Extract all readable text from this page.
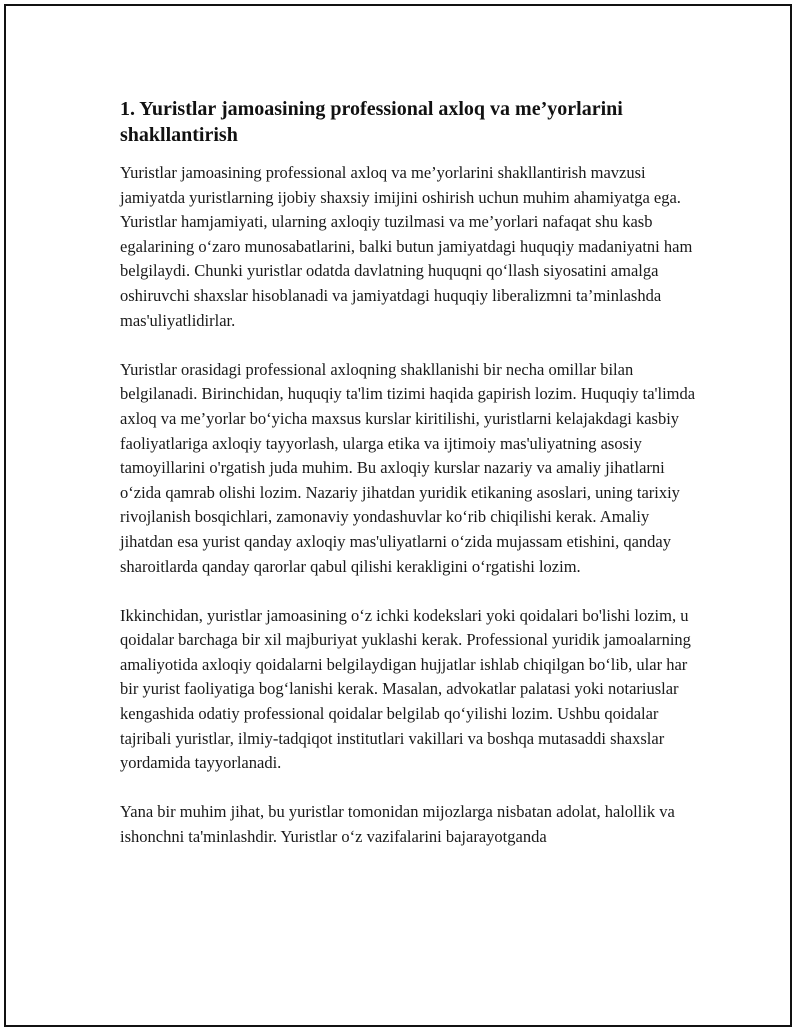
1. Yuristlar jamoasining professional axloq va me’yorlarini shakllantirish

Yuristlar jamoasining professional axloq va me’yorlarini shakllantirish mavzusi jamiyatda yuristlarning ijobiy shaxsiy imijini oshirish uchun muhim ahamiyatga ega. Yuristlar hamjamiyati, ularning axloqiy tuzilmasi va me’yorlari nafaqat shu kasb egalarining o‘zaro munosabatlarini, balki butun jamiyatdagi huquqiy madaniyatni ham belgilaydi. Chunki yuristlar odatda davlatning huquqni qo‘llash siyosatini amalga oshiruvchi shaxslar hisoblanadi va jamiyatdagi huquqiy liberalizmni ta’minlashda mas'uliyatlidirlar.

Yuristlar orasidagi professional axloqning shakllanishi bir necha omillar bilan belgilanadi. Birinchidan, huquqiy ta'lim tizimi haqida gapirish lozim. Huquqiy ta'limda axloq va me’yorlar bo‘yicha maxsus kurslar kiritilishi, yuristlarni kelajakdagi kasbiy faoliyatlariga axloqiy tayyorlash, ularga etika va ijtimoiy mas'uliyatning asosiy tamoyillarini o'rgatish juda muhim. Bu axloqiy kurslar nazariy va amaliy jihatlarni o‘zida qamrab olishi lozim. Nazariy jihatdan yuridik etikaning asoslari, uning tarixiy rivojlanish bosqichlari, zamonaviy yondashuvlar ko‘rib chiqilishi kerak. Amaliy jihatdan esa yurist qanday axloqiy mas'uliyatlarni o‘zida mujassam etishini, qanday sharoitlarda qanday qarorlar qabul qilishi kerakligini o‘rgatishi lozim.

Ikkinchidan, yuristlar jamoasining o‘z ichki kodekslari yoki qoidalari bo'lishi lozim, u qoidalar barchaga bir xil majburiyat yuklashi kerak. Professional yuridik jamoalarning amaliyotida axloqiy qoidalarni belgilaydigan hujjatlar ishlab chiqilgan bo‘lib, ular har bir yurist faoliyatiga bog‘lanishi kerak. Masalan, advokatlar palatasi yoki notariuslar kengashida odatiy professional qoidalar belgilab qo‘yilishi lozim. Ushbu qoidalar tajribali yuristlar, ilmiy-tadqiqot institutlari vakillari va boshqa mutasaddi shaxslar yordamida tayyorlanadi.

Yana bir muhim jihat, bu yuristlar tomonidan mijozlarga nisbatan adolat, halollik va ishonchni ta'minlashdir. Yuristlar o‘z vazifalarini bajarayotganda
